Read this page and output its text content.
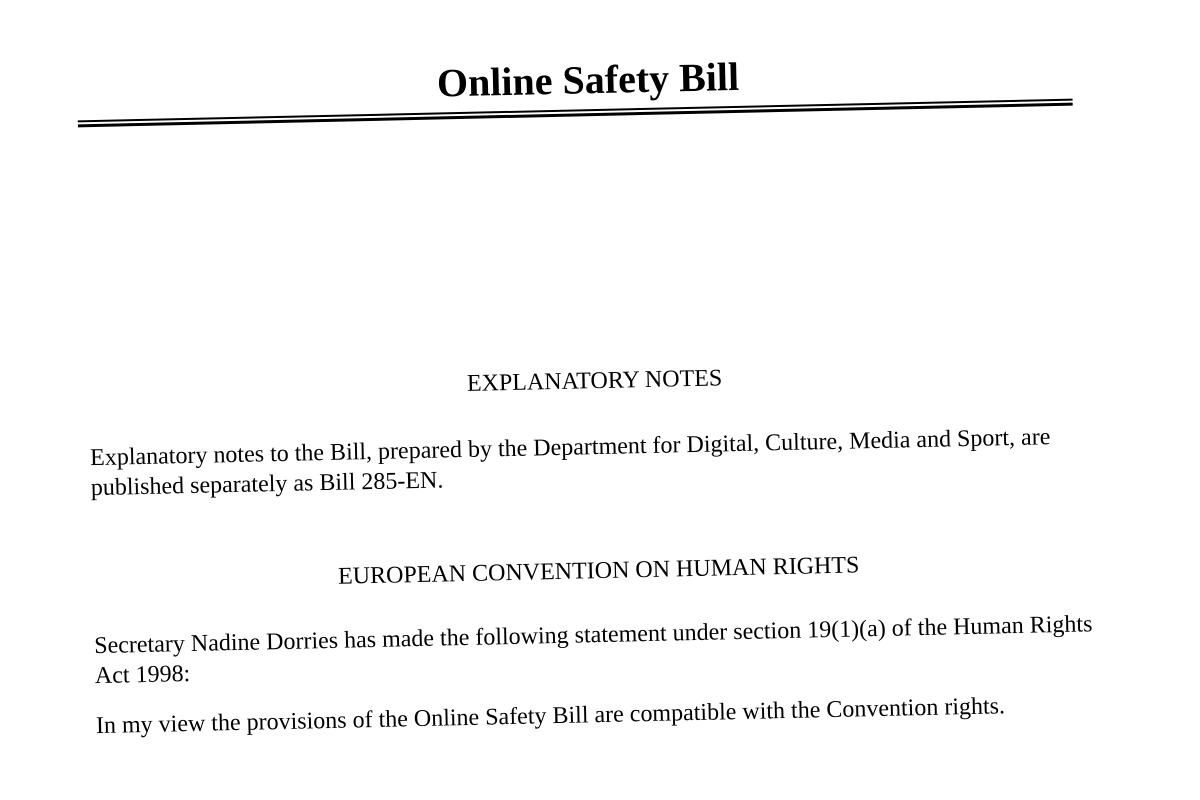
Online Safety Bill
EXPLANATORY NOTES

Explanatory notes to the Bill, prepared by the Department for Digital, Culture, Media and Sport, are published separately as Bill 285-EN.

EUROPEAN CONVENTION ON HUMAN RIGHTS

Secretary Nadine Dorries has made the following statement under section 19(1)(a) of the Human Rights Act 1998:

In my view the provisions of the Online Safety Bill are compatible with the Convention rights.
